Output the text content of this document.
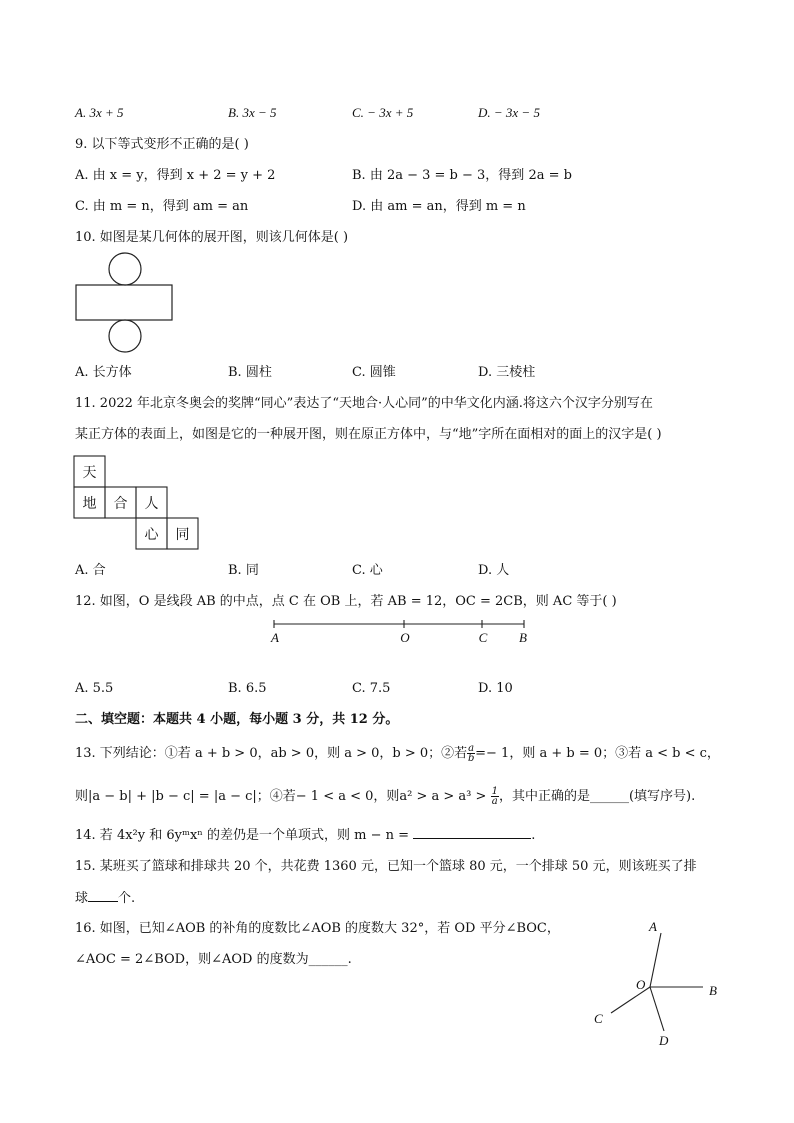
A. 3x + 5	B. 3x − 5	C. − 3x + 5	D. − 3x − 5
9. 以下等式变形不正确的是( )
A. 由 x = y，得到 x + 2 = y + 2	B. 由 2a − 3 = b − 3，得到 2a = b
C. 由 m = n，得到 am = an	D. 由 am = an，得到 m = n
10. 如图是某几何体的展开图，则该几何体是( )
A. 长方体	B. 圆柱	C. 圆锥	D. 三棱柱
11. 2022 年北京冬奥会的奖牌“同心”表达了“天地合·人心同”的中华文化内涵.将这六个汉字分别写在
某正方体的表面上，如图是它的一种展开图，则在原正方体中，与“地”字所在面相对的面上的汉字是( )
天
地 合 人
心 同
A. 合	B. 同	C. 心	D. 人
12. 如图，O 是线段 AB 的中点，点 C 在 OB 上，若 AB = 12，OC = 2CB，则 AC 等于( )
A	O	C B
A. 5.5	B. 6.5	C. 7.5	D. 10
二、填空题：本题共 4 小题，每小题 3 分，共 12 分。
13. 下列结论：①若 a + b > 0，ab > 0，则 a > 0，b > 0；②若 $\frac{a}{b} =- 1$，则 a + b = 0；③若 a < b < c，
则|a − b| + |b − c| = |a − c|；④若− 1 < a < 0，则$a^2 > a > a^3 > \frac{1}{a}$ ，其中正确的是______(填写序号).
14. 若 4x²y 和 6yᵐxⁿ 的差仍是一个单项式，则 m − n =	.
15. 某班买了篮球和排球共 20 个，共花费 1360 元，已知一个篮球 80 元，一个排球 50 元，则该班买了排
球 个.
16. 如图，已知∠AOB 的补角的度数比∠AOB 的度数大 32°，若 OD 平分∠BOC，
∠AOC = 2∠BOD，则∠AOD 的度数为______.
A
O	B
C
D
